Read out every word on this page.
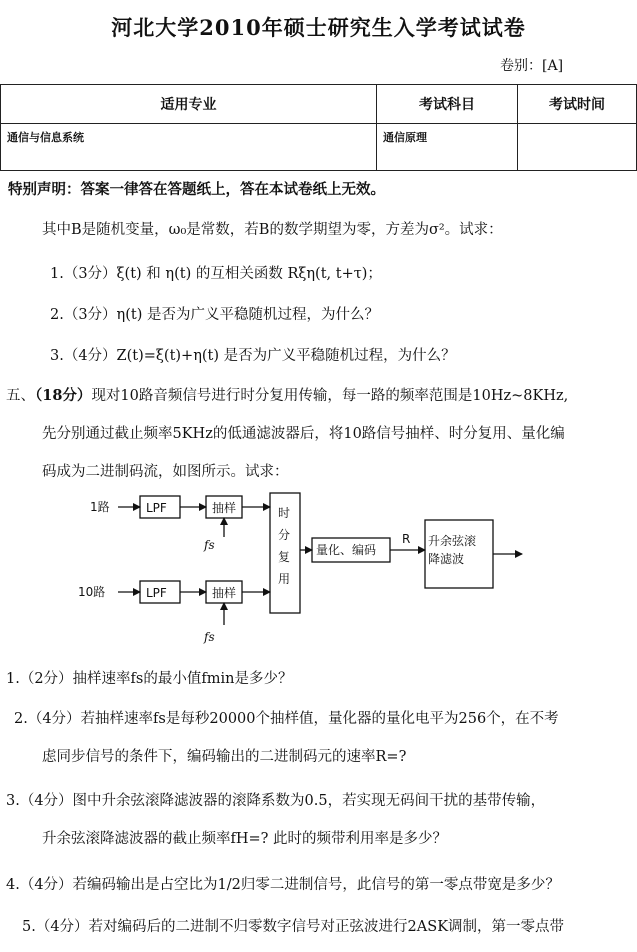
河北大学2010年硕士研究生入学考试试卷
卷别：[A]
适用专业	考试科目	考试时间
通信与信息系统	通信原理	
特别声明：答案一律答在答题纸上，答在本试卷纸上无效。
其中B是随机变量，ω₀是常数，若B的数学期望为零，方差为σ²。试求：
1.（3分）ξ(t) 和 η(t) 的互相关函数 Rξη(t, t+τ)；
2.（3分）η(t) 是否为广义平稳随机过程，为什么？
3.（4分）Z(t)=ξ(t)+η(t) 是否为广义平稳随机过程，为什么？
五、（18分）现对10路音频信号进行时分复用传输，每一路的频率范围是10Hz~8KHz,
先分别通过截止频率5KHz的低通滤波器后，将10路信号抽样、时分复用、量化编
码成为二进制码流，如图所示。试求：
1路
10路
LPF
LPF
抽样
抽样
fs
fs
时
分
复
用
量化、编码
R 升余弦滚
降滤波
1.（2分）抽样速率fs的最小值fmin是多少？
2.（4分）若抽样速率fs是每秒20000个抽样值，量化器的量化电平为256个，在不考
虑同步信号的条件下，编码输出的二进制码元的速率R=?
3.（4分）图中升余弦滚降滤波器的滚降系数为0.5，若实现无码间干扰的基带传输，
升余弦滚降滤波器的截止频率fH=? 此时的频带利用率是多少？
4.（4分）若编码输出是占空比为1/2归零二进制信号，此信号的第一零点带宽是多少？
5.（4分）若对编码后的二进制不归零数字信号对正弦波进行2ASK调制，第一零点带
